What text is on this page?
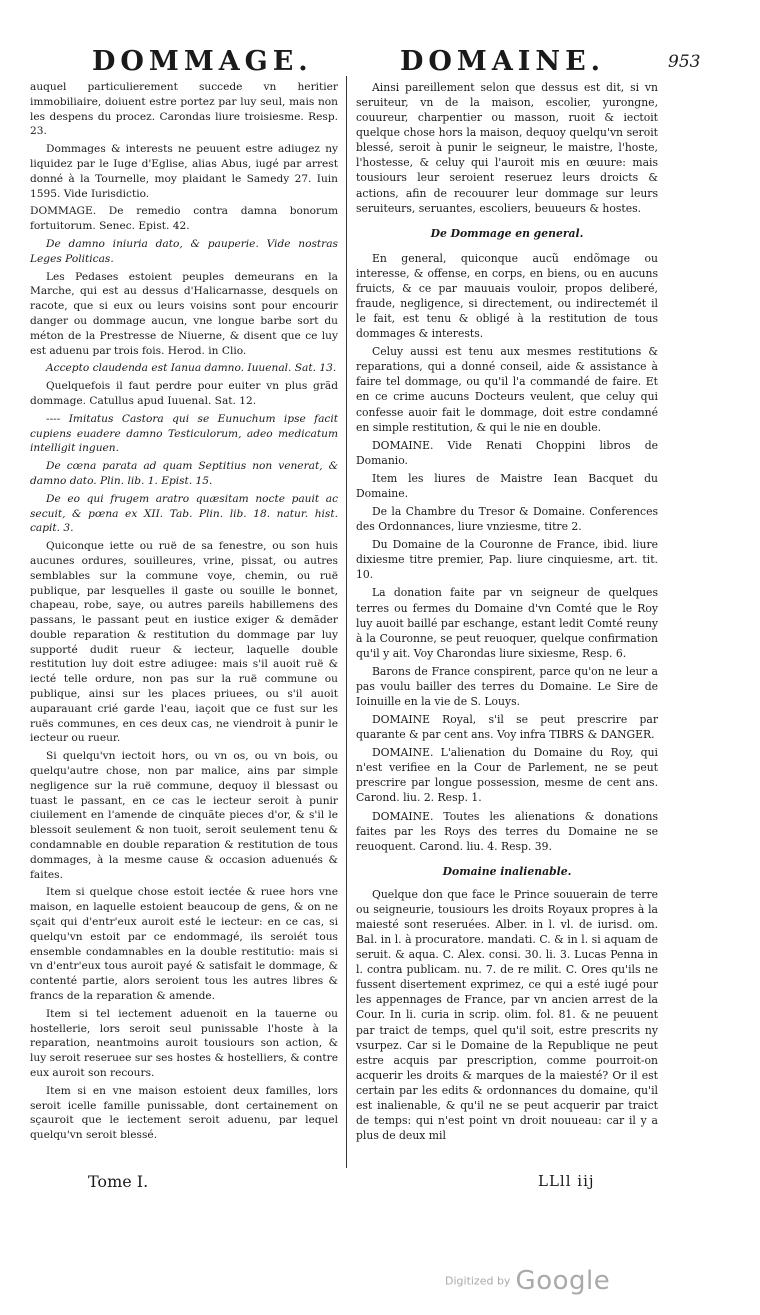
DOMMAGE.	DOMAINE.	953

auquel particulierement succede vn heritier immobiliaire, doiuent estre portez par luy seul, mais non les despens du procez. Carondas liure troisiesme. Resp. 23.

Dommages & interests ne peuuent estre adiugez ny liquidez par le Iuge d'Eglise, alias Abus, iugé par arrest donné à la Tournelle, moy plaidant le Samedy 27. Iuin 1595. Vide Iurisdictio.

DOMMAGE. De remedio contra damna bonorum fortuitorum. Senec. Epist. 42.

De damno iniuria dato, & pauperie. Vide nostras Leges Politicas.

Les Pedases estoient peuples demeurans en la Marche, qui est au dessus d'Halicarnasse, desquels on racote, que si eux ou leurs voisins sont pour encourir danger ou dommage aucun, vne longue barbe sort du méton de la Prestresse de Niuerne, & disent que ce luy est aduenu par trois fois. Herod. in Clio.

Accepto claudenda est Ianua damno. Iuuenal. Sat. 13.

Quelquefois il faut perdre pour euiter vn plus grãd dommage. Catullus apud Iuuenal. Sat. 12.

---- Imitatus Castora qui se Eunuchum ipse facit cupiens euadere damno Testiculorum, adeo medicatum intelligit inguen.

De cœna parata ad quam Septitius non venerat, & damno dato. Plin. lib. 1. Epist. 15.

De eo qui frugem aratro quæsitam nocte pauit ac secuit, & pœna ex XII. Tab. Plin. lib. 18. natur. hist. capit. 3.

Quiconque iette ou ruë de sa fenestre, ou son huis aucunes ordures, souilleures, vrine, pissat, ou autres semblables sur la commune voye, chemin, ou ruë publique, par lesquelles il gaste ou souille le bonnet, chapeau, robe, saye, ou autres pareils habillemens des passans, le passant peut en iustice exiger & demãder double reparation & restitution du dommage par luy supporté dudit rueur & iecteur, laquelle double restitution luy doit estre adiugee: mais s'il auoit ruë & iecté telle ordure, non pas sur la ruë commune ou publique, ainsi sur les places priuees, ou s'il auoit auparauant crié garde l'eau, iaçoit que ce fust sur les ruës communes, en ces deux cas, ne viendroit à punir le iecteur ou rueur.

Si quelqu'vn iectoit hors, ou vn os, ou vn bois, ou quelqu'autre chose, non par malice, ains par simple negligence sur la ruë commune, dequoy il blessast ou tuast le passant, en ce cas le iecteur seroit à punir ciuilement en l'amende de cinquãte pieces d'or, & s'il le blessoit seulement & non tuoit, seroit seulement tenu & condamnable en double reparation & restitution de tous dommages, à la mesme cause & occasion aduenués & faites.

Item si quelque chose estoit iectée & ruee hors vne maison, en laquelle estoient beaucoup de gens, & on ne sçait qui d'entr'eux auroit esté le iecteur: en ce cas, si quelqu'vn estoit par ce endommagé, ils seroiét tous ensemble condamnables en la double restitutio: mais si vn d'entr'eux tous auroit payé & satisfait le dommage, & contenté partie, alors seroient tous les autres libres & francs de la reparation & amende.

Item si tel iectement aduenoit en la tauerne ou hostellerie, lors seroit seul punissable l'hoste à la reparation, neantmoins auroit tousiours son action, & luy seroit reseruee sur ses hostes & hostelliers, & contre eux auroit son recours.

Item si en vne maison estoient deux familles, lors seroit icelle famille punissable, dont certainement on sçauroit que le iectement seroit aduenu, par lequel quelqu'vn seroit blessé.

Ainsi pareillement selon que dessus est dit, si vn seruiteur, vn de la maison, escolier, yurongne, couureur, charpentier ou masson, ruoit & iectoit quelque chose hors la maison, dequoy quelqu'vn seroit blessé, seroit à punir le seigneur, le maistre, l'hoste, l'hostesse, & celuy qui l'auroit mis en œuure: mais tousiours leur seroient reseruez leurs droicts & actions, afin de recouurer leur dommage sur leurs seruiteurs, seruantes, escoliers, beuueurs & hostes.

De Dommage en general.

En general, quiconque aucũ endõmage ou interesse, & offense, en corps, en biens, ou en aucuns fruicts, & ce par mauuais vouloir, propos deliberé, fraude, negligence, si directement, ou indirectemét il le fait, est tenu & obligé à la restitution de tous dommages & interests.

Celuy aussi est tenu aux mesmes restitutions & reparations, qui a donné conseil, aide & assistance à faire tel dommage, ou qu'il l'a commandé de faire. Et en ce crime aucuns Docteurs veulent, que celuy qui confesse auoir fait le dommage, doit estre condamné en simple restitution, & qui le nie en double.

DOMAINE. Vide Renati Choppini libros de Domanio.

Item les liures de Maistre Iean Bacquet du Domaine.

De la Chambre du Tresor & Domaine. Conferences des Ordonnances, liure vnziesme, titre 2.

Du Domaine de la Couronne de France, ibid. liure dixiesme titre premier, Pap. liure cinquiesme, art. tit. 10.

La donation faite par vn seigneur de quelques terres ou fermes du Domaine d'vn Comté que le Roy luy auoit baillé par eschange, estant ledit Comté reuny à la Couronne, se peut reuoquer, quelque confirmation qu'il y ait. Voy Charondas liure sixiesme, Resp. 6.

Barons de France conspirent, parce qu'on ne leur a pas voulu bailler des terres du Domaine. Le Sire de Ioinuille en la vie de S. Louys.

DOMAINE Royal, s'il se peut prescrire par quarante & par cent ans. Voy infra TIBRS & DANGER.

DOMAINE. L'alienation du Domaine du Roy, qui n'est verifiee en la Cour de Parlement, ne se peut prescrire par longue possession, mesme de cent ans. Carond. liu. 2. Resp. 1.

DOMAINE. Toutes les alienations & donations faites par les Roys des terres du Domaine ne se reuoquent. Carond. liu. 4. Resp. 39.

Domaine inalienable.

Quelque don que face le Prince souuerain de terre ou seigneurie, tousiours les droits Royaux propres à la maiesté sont reseruées. Alber. in l. vl. de iurisd. om. Bal. in l. à procuratore. mandati. C. & in l. si aquam de seruit. & aqua. C. Alex. consi. 30. li. 3. Lucas Penna in l. contra publicam. nu. 7. de re milit. C. Ores qu'ils ne fussent disertement exprimez, ce qui a esté iugé pour les appennages de France, par vn ancien arrest de la Cour. In li. curia in scrip. olim. fol. 81. & ne peuuent par traict de temps, quel qu'il soit, estre prescrits ny vsurpez. Car si le Domaine de la Republique ne peut estre acquis par prescription, comme pourroit-on acquerir les droits & marques de la maiesté? Or il est certain par les edits & ordonnances du domaine, qu'il est inalienable, & qu'il ne se peut acquerir par traict de temps: qui n'est point vn droit nouueau: car il y a plus de deux mil

Tome I.	LLll iij
Digitized by Google
